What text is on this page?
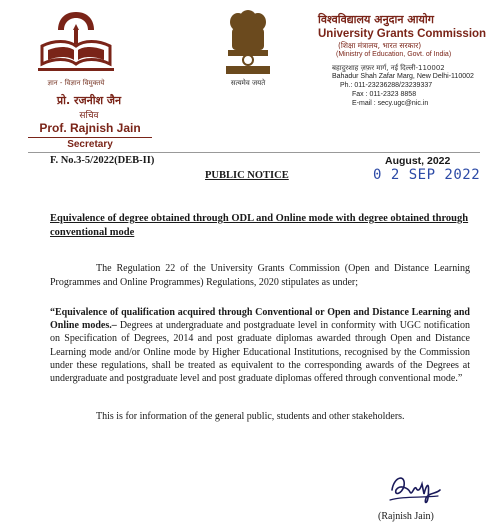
ज्ञान - विज्ञान विमुक्तये
प्रो. रजनीश जैन
सचिव
Prof. Rajnish Jain
Secretary
सत्यमेव जयते
विश्वविद्यालय अनुदान आयोग
University Grants Commission
(शिक्षा मंत्रालय, भारत सरकार)
(Ministry of Education, Govt. of India)
बहादुरशाह ज़फ़र मार्ग, नई दिल्ली-110002
Bahadur Shah Zafar Marg, New Delhi-110002
Ph.: 011-23236288/23239337
Fax : 011-2323 8858
E-mail : secy.ugc@nic.in
F. No.3-5/2022(DEB-II)
PUBLIC NOTICE
August, 2022
0 2 SEP 2022
Equivalence of degree obtained through ODL and Online mode with degree obtained through conventional mode

The Regulation 22 of the University Grants Commission (Open and Distance Learning Programmes and Online Programmes) Regulations, 2020 stipulates as under;

“Equivalence of qualification acquired through Conventional or Open and Distance Learning and Online modes.– Degrees at undergraduate and postgraduate level in conformity with UGC notification on Specification of Degrees, 2014 and post graduate diplomas awarded through Open and Distance Learning mode and/or Online mode by Higher Educational Institutions, recognised by the Commission under these regulations, shall be treated as equivalent to the corresponding awards of the Degrees at undergraduate and postgraduate level and post graduate diplomas offered through conventional mode.”

This is for information of the general public, students and other stakeholders.

(Rajnish Jain)
